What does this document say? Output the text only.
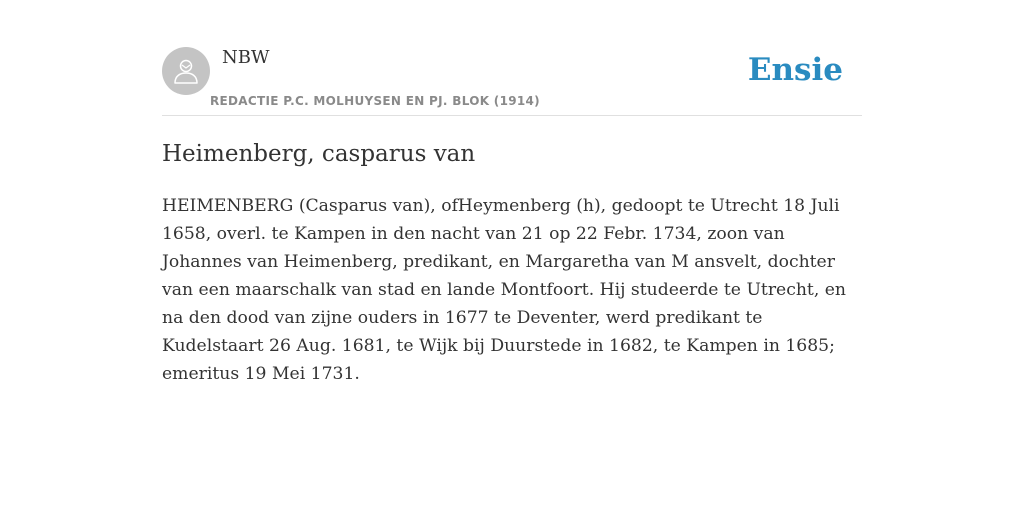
NBW
REDACTIE P.C. MOLHUYSEN EN PJ. BLOK (1914)
Ensie
Heimenberg, casparus van

HEIMENBERG (Casparus van), ofHeymenberg (h), gedoopt te Utrecht 18 Juli 1658, overl. te Kampen in den nacht van 21 op 22 Febr. 1734, zoon van Johannes van Heimenberg, predikant, en Margaretha van M ansvelt, dochter van een maarschalk van stad en lande Montfoort. Hij studeerde te Utrecht, en na den dood van zijne ouders in 1677 te Deventer, werd predikant te Kudelstaart 26 Aug. 1681, te Wijk bij Duurstede in 1682, te Kampen in 1685; emeritus 19 Mei 1731.
